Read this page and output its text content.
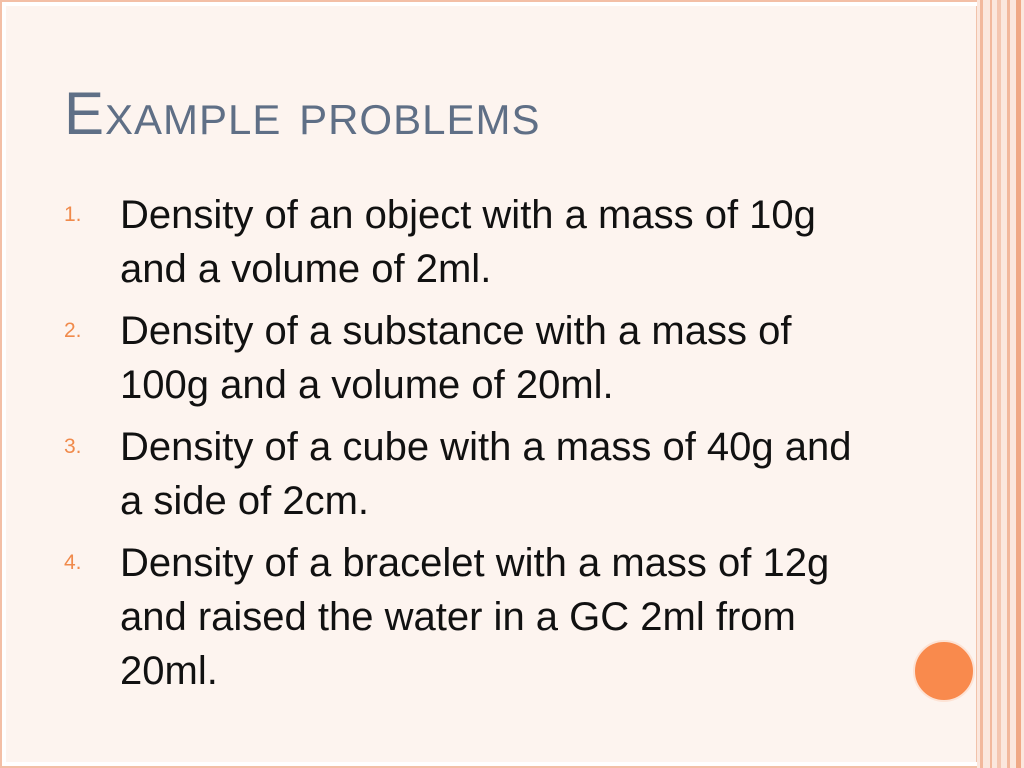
Example problems
1. Density of an object with a mass of 10g and a volume of 2ml.
2. Density of a substance with a mass of 100g and a volume of 20ml.
3. Density of a cube with a mass of 40g and a side of 2cm.
4. Density of a bracelet with a mass of 12g and raised the water in a GC 2ml from 20ml.
